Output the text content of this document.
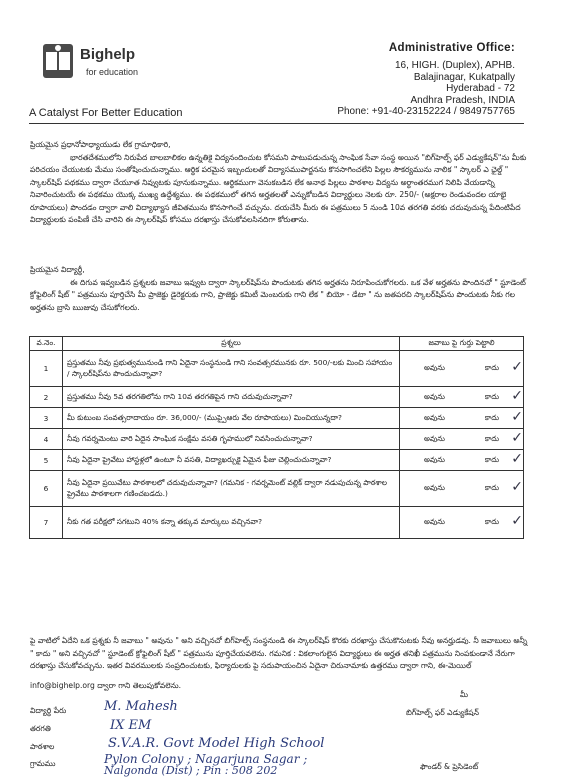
Bighelp
for education
A Catalyst For Better Education
Administrative Office:
16, HIGH. (Duplex), APHB.
Balajinagar, Kukatpally
Hyderabad - 72
Andhra Pradesh, INDIA
Phone: +91-40-23152224 / 9849757765
ప్రియమైన ప్రధానోపాధ్యాయుడు లేక గ్రామాధికారి,
భారతదేశములోని నిరుపేద బాలబాలికల ఉన్నతికై విద్యనందించుట కోసమని పాటుపడుచున్న సాంఘిక సేవా సంస్థ అయిన "బిగ్‌హెల్ప్ ఫర్ ఎడ్యుకేషన్"ను మీకు పరిచయం చేయుటకు మేము సంతోషించుచున్నాము. ఆర్థిక పరమైన ఇబ్బందులతో విద్యాసముపార్జనను కొనసాగించలేని పిల్లల సౌకర్యమును నాలిక " స్కాలర్ ఎ ఛైల్డ్ " స్కాలర్‌షిప్ పథకము ద్వారా చేయూత నివ్వుటకు పూనుకున్నాము. ఆర్థికముగా వెనుకబడిన లేక అనాథ పిల్లలు పాఠశాల విద్యను అర్థాంతరముగ నిలిపి వేయడాన్ని నివారించుటయే ఈ పథకము యొక్క ముఖ్య ఉద్దేశ్యము. ఈ పథకములో తగిన అర్హతలతో ఎన్నుకోబడిన విద్యార్థులు నెలకు రూ. 250/- (అక్షరాల రెండువందల యాభై రూపాయలు) పొందడం ద్వారా వాలి విద్యాభ్యాస జీవితమును కొనసాగించే వచ్చును. దయచేసి మీరు ఈ పత్రములు 5 నుండి 10వ తరగతి వరకు చదువుచున్న పేదింటిపేద విద్యార్థులకు పంపిణీ చేసి వారిని ఈ స్కాలర్‌షిప్ కోసము దరఖాస్తు చేసుకోవలసినదిగా కోరుతాను.
ప్రియమైన విద్యార్థీ,
ఈ దిగువ ఇవ్వబడిన ప్రశ్నలకు జవాబు ఇవ్వుట ద్వారా స్కాలర్‌షిప్‌ను పొందుటకు తగిన అర్హతను నిరూపించుకోగలరు. ఒక వేళ అర్హతను పొందినచో " స్టూడెంట్ క్రోఫైలింగ్ షీట్ " పత్రమును పూర్తిచేసి మీ ప్రాజెక్టు డైరెక్టరుకు గాని, ప్రాజెక్టు కమిటీ మెంబరుకు గాని లేక " బియో - డేటా " ను జతపరచి స్కాలర్‌షిప్‌ను పొందుటకు నీకు గల అర్హతను బ్రాసి ఋజువు చేసుకోగలరు.
వ.నెం.	ప్రశ్నలు	జవాబు పై గుర్తు పెట్టాలి
1	ప్రస్తుతము నీవు ప్రభుత్వమునుండి గాని ఏదైనా సంస్థనుండి గాని సంవత్సరమునకు రూ. 500/-లకు మించి సహాయం / స్కాలర్‌షిప్‌ను పొందుచున్నావా?	అవును కాదు ✓

2	ప్రస్తుతము నీవు 5వ తరగతిలోను గాని 10వ తరగతిపైన గాని చదువుచున్నావా?	అవును కాదు ✓

3	మీ కుటుంబ సంవత్సరాదాయం రూ. 36,000/- (ముప్పైఆరు వేల రూపాయలు) మించియున్నదా?	అవును కాదు ✓

4	నీవు గవర్నమెంటు వారి ఏదైన సాంఘిక సంక్షేమ వసతి గృహములో నివసించుచున్నావా?	అవును కాదు ✓

5	నీవు ఏదైనా ప్రైవేటు హాస్టళ్లలో ఉంటూ నీ వసతి, విద్యాఖర్చుకై ఏమైన ఫీజు చెల్లించుచున్నావా?	అవును కాదు ✓

6	నీవు ఏదైనా ప్రయివేటు పాఠశాలలో చదువుచున్నావా? (గమనిక - గవర్నమెంట్ వల్లిక్ ద్వారా నడుపుచున్న పాఠశాల ప్రైవేటు పాఠశాలగా గణించబడదు.)	అవును కాదు ✓

7	నీకు గత పరీక్షలో సగటుని 40% కన్నా తక్కువ మార్కులు వచ్చినవా?	అవును కాదు ✓
పై వాటిలో ఏదేని ఒక ప్రశ్నకు నీ జవాబు " అవును " అని వచ్చినచో బిగ్‌హెల్ప్ సంస్థనుండి ఈ స్కాలర్‌షిప్ కొరకు దరఖాస్తు చేసుకొనుటకు నీవు అనర్హుడవు. నీ జవాబులు అన్నీ " కాదు " అని వచ్చినచో " స్టూడెంట్ క్రోఫైలింగ్ షీట్ " పత్రమును పూర్తిచేయవలెను. గమనిక : వికలాంగులైన విద్యార్థులు ఈ అర్హత తనిఖీ పత్రమును నింపకుండానే నేరుగా దరఖాస్తు చేసుకోవచ్చును. ఇతర వివరములకు సంప్రదించుటకు, ఫిర్యాదులకు పై సదుపాయంచిన ఏదైనా చిరునామాకు ఉత్తరము ద్వారా గాని, ఈ-మెయిల్
info@bighelp.org ద్వారా గాని తెలుపుకోవలెను.
విద్యార్థి పేరు	M. Mahesh
తరగతి	IX EM
పాఠశాల	S.V.A.R. Govt Model High School
గ్రామము	Pylon Colony ; Nagarjuna Sagar ;
Nalgonda (Dist) ; Pin : 508 202
మీ
బిగ్‌హెల్ప్ ఫర్ ఎడ్యుకేషన్
ఫౌండర్ & ప్రెసిడెంట్
